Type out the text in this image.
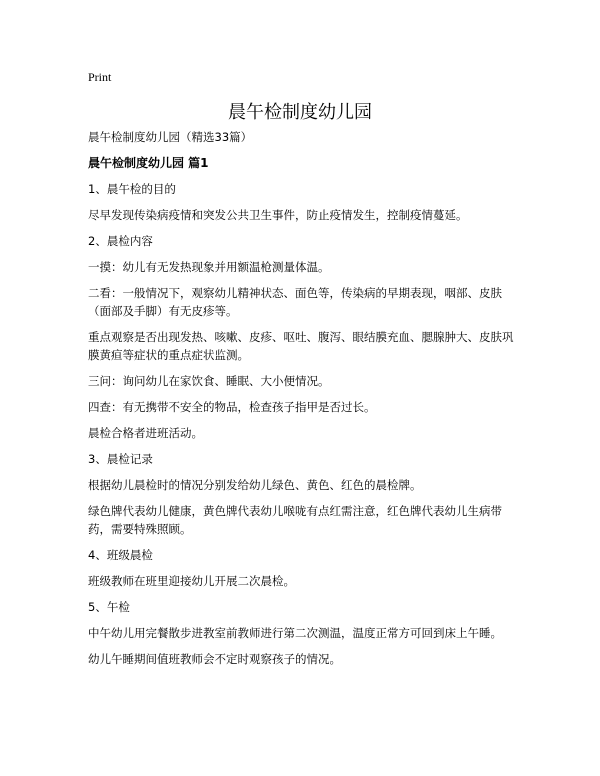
Print
晨午检制度幼儿园

晨午检制度幼儿园（精选33篇）

晨午检制度幼儿园 篇1

1、晨午检的目的

尽早发现传染病疫情和突发公共卫生事件，防止疫情发生，控制疫情蔓延。

2、晨检内容

一摸：幼儿有无发热现象并用额温枪测量体温。

二看：一般情况下，观察幼儿精神状态、面色等，传染病的早期表现，咽部、皮肤（面部及手脚）有无皮疹等。

重点观察是否出现发热、咳嗽、皮疹、呕吐、腹泻、眼结膜充血、腮腺肿大、皮肤巩膜黄疸等症状的重点症状监测。

三问：询问幼儿在家饮食、睡眠、大小便情况。

四查：有无携带不安全的物品，检查孩子指甲是否过长。

晨检合格者进班活动。

3、晨检记录

根据幼儿晨检时的情况分别发给幼儿绿色、黄色、红色的晨检牌。

绿色牌代表幼儿健康，黄色牌代表幼儿喉咙有点红需注意，红色牌代表幼儿生病带药，需要特殊照顾。

4、班级晨检

班级教师在班里迎接幼儿开展二次晨检。

5、午检

中午幼儿用完餐散步进教室前教师进行第二次测温，温度正常方可回到床上午睡。

幼儿午睡期间值班教师会不定时观察孩子的情况。
